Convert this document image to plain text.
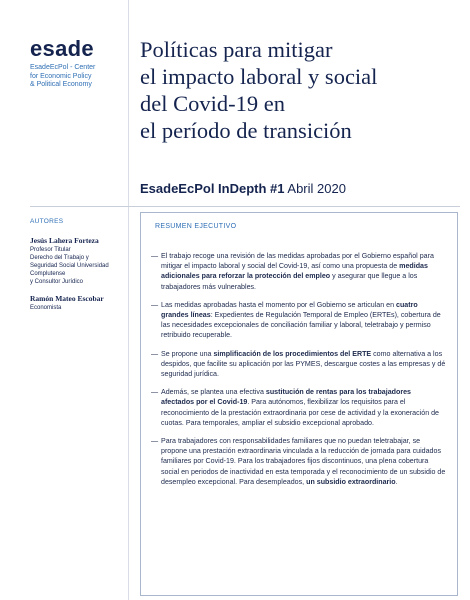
esade
EsadeEcPol - Center
for Economic Policy
& Political Economy
Políticas para mitigar
el impacto laboral y social
del Covid-19 en
el período de transición
EsadeEcPol InDepth #1 Abril 2020
AUTORES
Jesús Lahera Forteza
Profesor Titular
Derecho del Trabajo y
Seguridad Social Universidad
Complutense
y Consultor Jurídico
Ramón Mateo Escobar
Economista
RESUMEN EJECUTIVO
— El trabajo recoge una revisión de las medidas aprobadas por el Gobierno español para mitigar el impacto laboral y social del Covid-19, así como una propuesta de medidas adicionales para reforzar la protección del empleo y asegurar que llegue a los trabajadores más vulnerables.
— Las medidas aprobadas hasta el momento por el Gobierno se articulan en cuatro grandes líneas: Expedientes de Regulación Temporal de Empleo (ERTEs), cobertura de las necesidades excepcionales de conciliación familiar y laboral, teletrabajo y permiso retribuido recuperable.
— Se propone una simplificación de los procedimientos del ERTE como alternativa a los despidos, que facilite su aplicación por las PYMES, descargue costes a las empresas y dé seguridad jurídica.
— Además, se plantea una efectiva sustitución de rentas para los trabajadores afectados por el Covid-19. Para autónomos, flexibilizar los requisitos para el reconocimiento de la prestación extraordinaria por cese de actividad y la exoneración de cuotas. Para temporales, ampliar el subsidio excepcional aprobado.
— Para trabajadores con responsabilidades familiares que no puedan teletrabajar, se propone una prestación extraordinaria vinculada a la reducción de jornada para cuidados familiares por Covid-19. Para los trabajadores fijos discontinuos, una plena cobertura social en periodos de inactividad en esta temporada y el reconocimiento de un subsidio de desempleo excepcional. Para desempleados, un subsidio extraordinario.
